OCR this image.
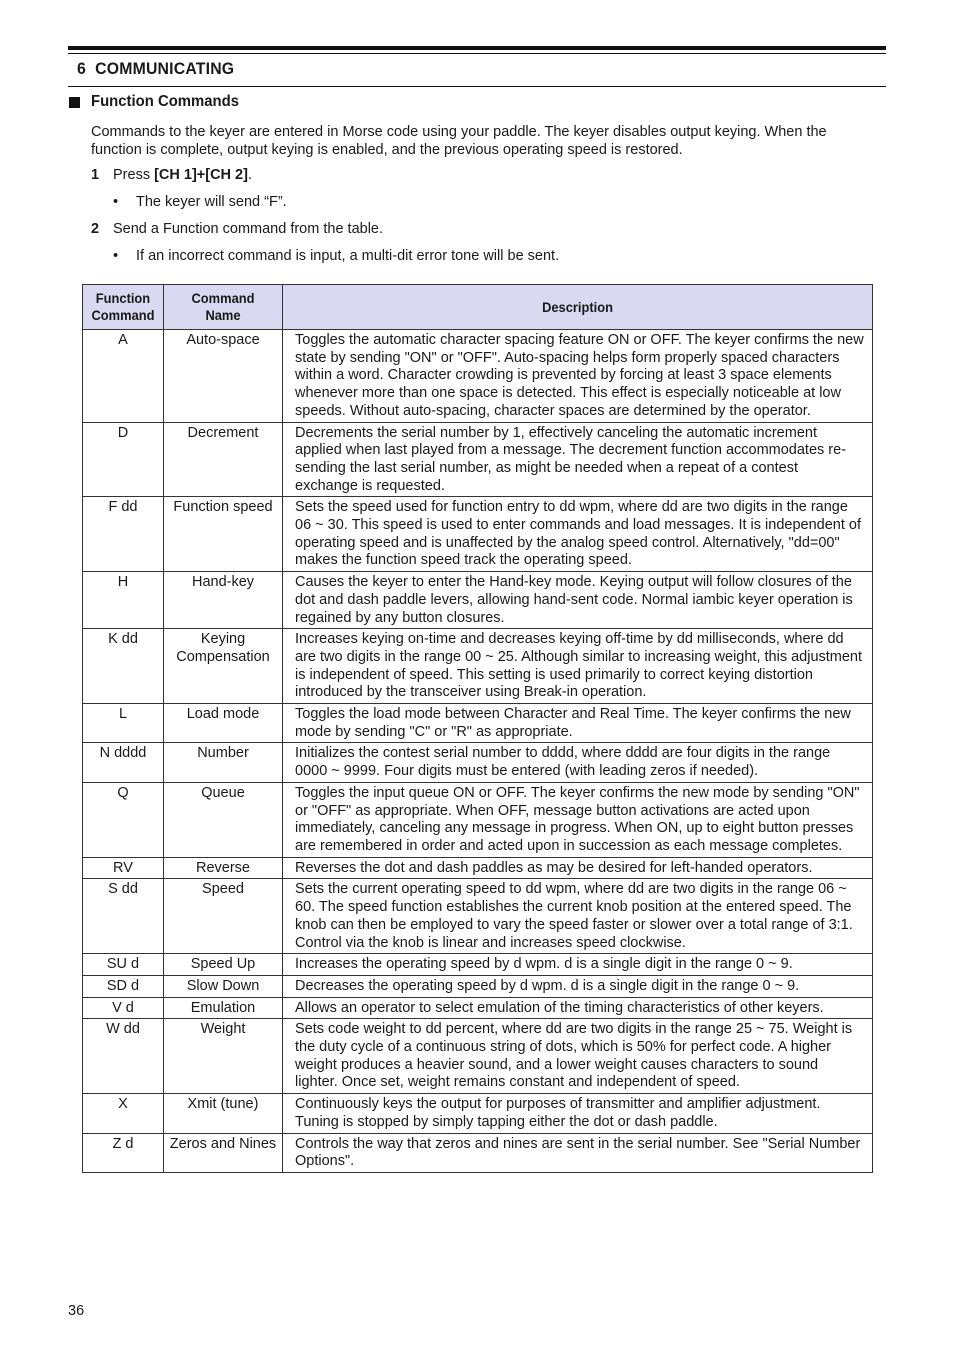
6 COMMUNICATING
Function Commands
Commands to the keyer are entered in Morse code using your paddle. The keyer disables output keying. When the function is complete, output keying is enabled, and the previous operating speed is restored.
1 Press [CH 1]+[CH 2].
• The keyer will send “F”.
2 Send a Function command from the table.
• If an incorrect command is input, a multi-dit error tone will be sent.
Function Command	Command Name	Description
A	Auto-space	Toggles the automatic character spacing feature ON or OFF. The keyer confirms the new state by sending "ON" or "OFF". Auto-spacing helps form properly spaced characters within a word. Character crowding is prevented by forcing at least 3 space elements whenever more than one space is detected. This effect is especially noticeable at low speeds. Without auto-spacing, character spaces are determined by the operator.
D	Decrement	Decrements the serial number by 1, effectively canceling the automatic increment applied when last played from a message. The decrement function accommodates re-sending the last serial number, as might be needed when a repeat of a contest exchange is requested.
F dd	Function speed	Sets the speed used for function entry to dd wpm, where dd are two digits in the range 06 ~ 30. This speed is used to enter commands and load messages. It is independent of operating speed and is unaffected by the analog speed control. Alternatively, "dd=00" makes the function speed track the operating speed.
H	Hand-key	Causes the keyer to enter the Hand-key mode. Keying output will follow closures of the dot and dash paddle levers, allowing hand-sent code. Normal iambic keyer operation is regained by any button closures.
K dd	Keying Compensation	Increases keying on-time and decreases keying off-time by dd milliseconds, where dd are two digits in the range 00 ~ 25. Although similar to increasing weight, this adjustment is independent of speed. This setting is used primarily to correct keying distortion introduced by the transceiver using Break-in operation.
L	Load mode	Toggles the load mode between Character and Real Time. The keyer confirms the new mode by sending "C" or "R" as appropriate.
N dddd	Number	Initializes the contest serial number to dddd, where dddd are four digits in the range 0000 ~ 9999. Four digits must be entered (with leading zeros if needed).
Q	Queue	Toggles the input queue ON or OFF. The keyer confirms the new mode by sending "ON" or "OFF" as appropriate. When OFF, message button activations are acted upon immediately, canceling any message in progress. When ON, up to eight button presses are remembered in order and acted upon in succession as each message completes.
RV	Reverse	Reverses the dot and dash paddles as may be desired for left-handed operators.
S dd	Speed	Sets the current operating speed to dd wpm, where dd are two digits in the range 06 ~ 60. The speed function establishes the current knob position at the entered speed. The knob can then be employed to vary the speed faster or slower over a total range of 3:1. Control via the knob is linear and increases speed clockwise.
SU d	Speed Up	Increases the operating speed by d wpm. d is a single digit in the range 0 ~ 9.
SD d	Slow Down	Decreases the operating speed by d wpm. d is a single digit in the range 0 ~ 9.
V d	Emulation	Allows an operator to select emulation of the timing characteristics of other keyers.
W dd	Weight	Sets code weight to dd percent, where dd are two digits in the range 25 ~ 75. Weight is the duty cycle of a continuous string of dots, which is 50% for perfect code. A higher weight produces a heavier sound, and a lower weight causes characters to sound lighter. Once set, weight remains constant and independent of speed.
X	Xmit (tune)	Continuously keys the output for purposes of transmitter and amplifier adjustment. Tuning is stopped by simply tapping either the dot or dash paddle.
Z d	Zeros and Nines	Controls the way that zeros and nines are sent in the serial number. See "Serial Number Options".
36
